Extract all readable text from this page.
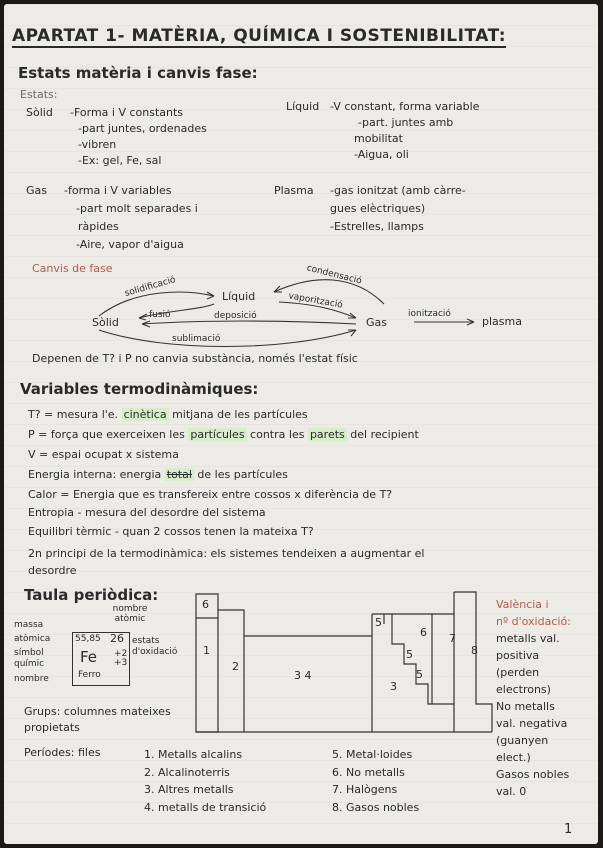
APARTAT 1- MATÈRIA, QUÍMICA I SOSTENIBILITAT:
Estats matèria i canvis fase:
Estats:
Sòlid -Forma i V constants
-part juntes, ordenades
-vibren
-Ex: gel, Fe, sal
Líquid -V constant, forma variable
-part. juntes amb
mobilitat
-Aigua, oli
Gas -forma i V variables
-part molt separades i
ràpides
-Aire, vapor d'aigua
Plasma -gas ionitzat (amb càrre-
gues elèctriques)
-Estrelles, llamps
Canvis de fase
Sòlid
Líquid
Gas	plasma
solidificació
fusió
condensació
vaporització
deposició
sublimació
ionització
Depenen de T? i P no canvia substància, només l'estat físic
Variables termodinàmiques:
T? = mesura l'e. cinètica mitjana de les partícules
P = força que exerceixen les partícules contra les parets del recipient
V = espai ocupat x sistema
Energia interna: energia total de les partícules
Calor = Energia que es transfereix entre cossos x diferència de T?
Entropia - mesura del desordre del sistema
Equilibri tèrmic - quan 2 cossos tenen la mateixa T?
2n principi de la termodinàmica: els sistemes tendeixen a augmentar el
desordre
Taula periòdica:
nombre atòmic
massa atòmica	55,85 26
Fe
Ferro
+2 +3
símbol químic
nombre
estats d'oxidació
Grups: columnes mateixes propietats
Períodes: files
6
1
2
3 4
5
6 7
8
3
5
5
1. Metalls alcalins
2. Alcalinoterris
3. Altres metalls
4. metalls de transició
5. Metal·loides
6. No metalls
7. Halògens
8. Gasos nobles
València i
nº d'oxidació:
metalls val.
positiva
(perden
electrons)
No metalls
val. negativa
(guanyen
elect.)
Gasos nobles
val. 0
1
